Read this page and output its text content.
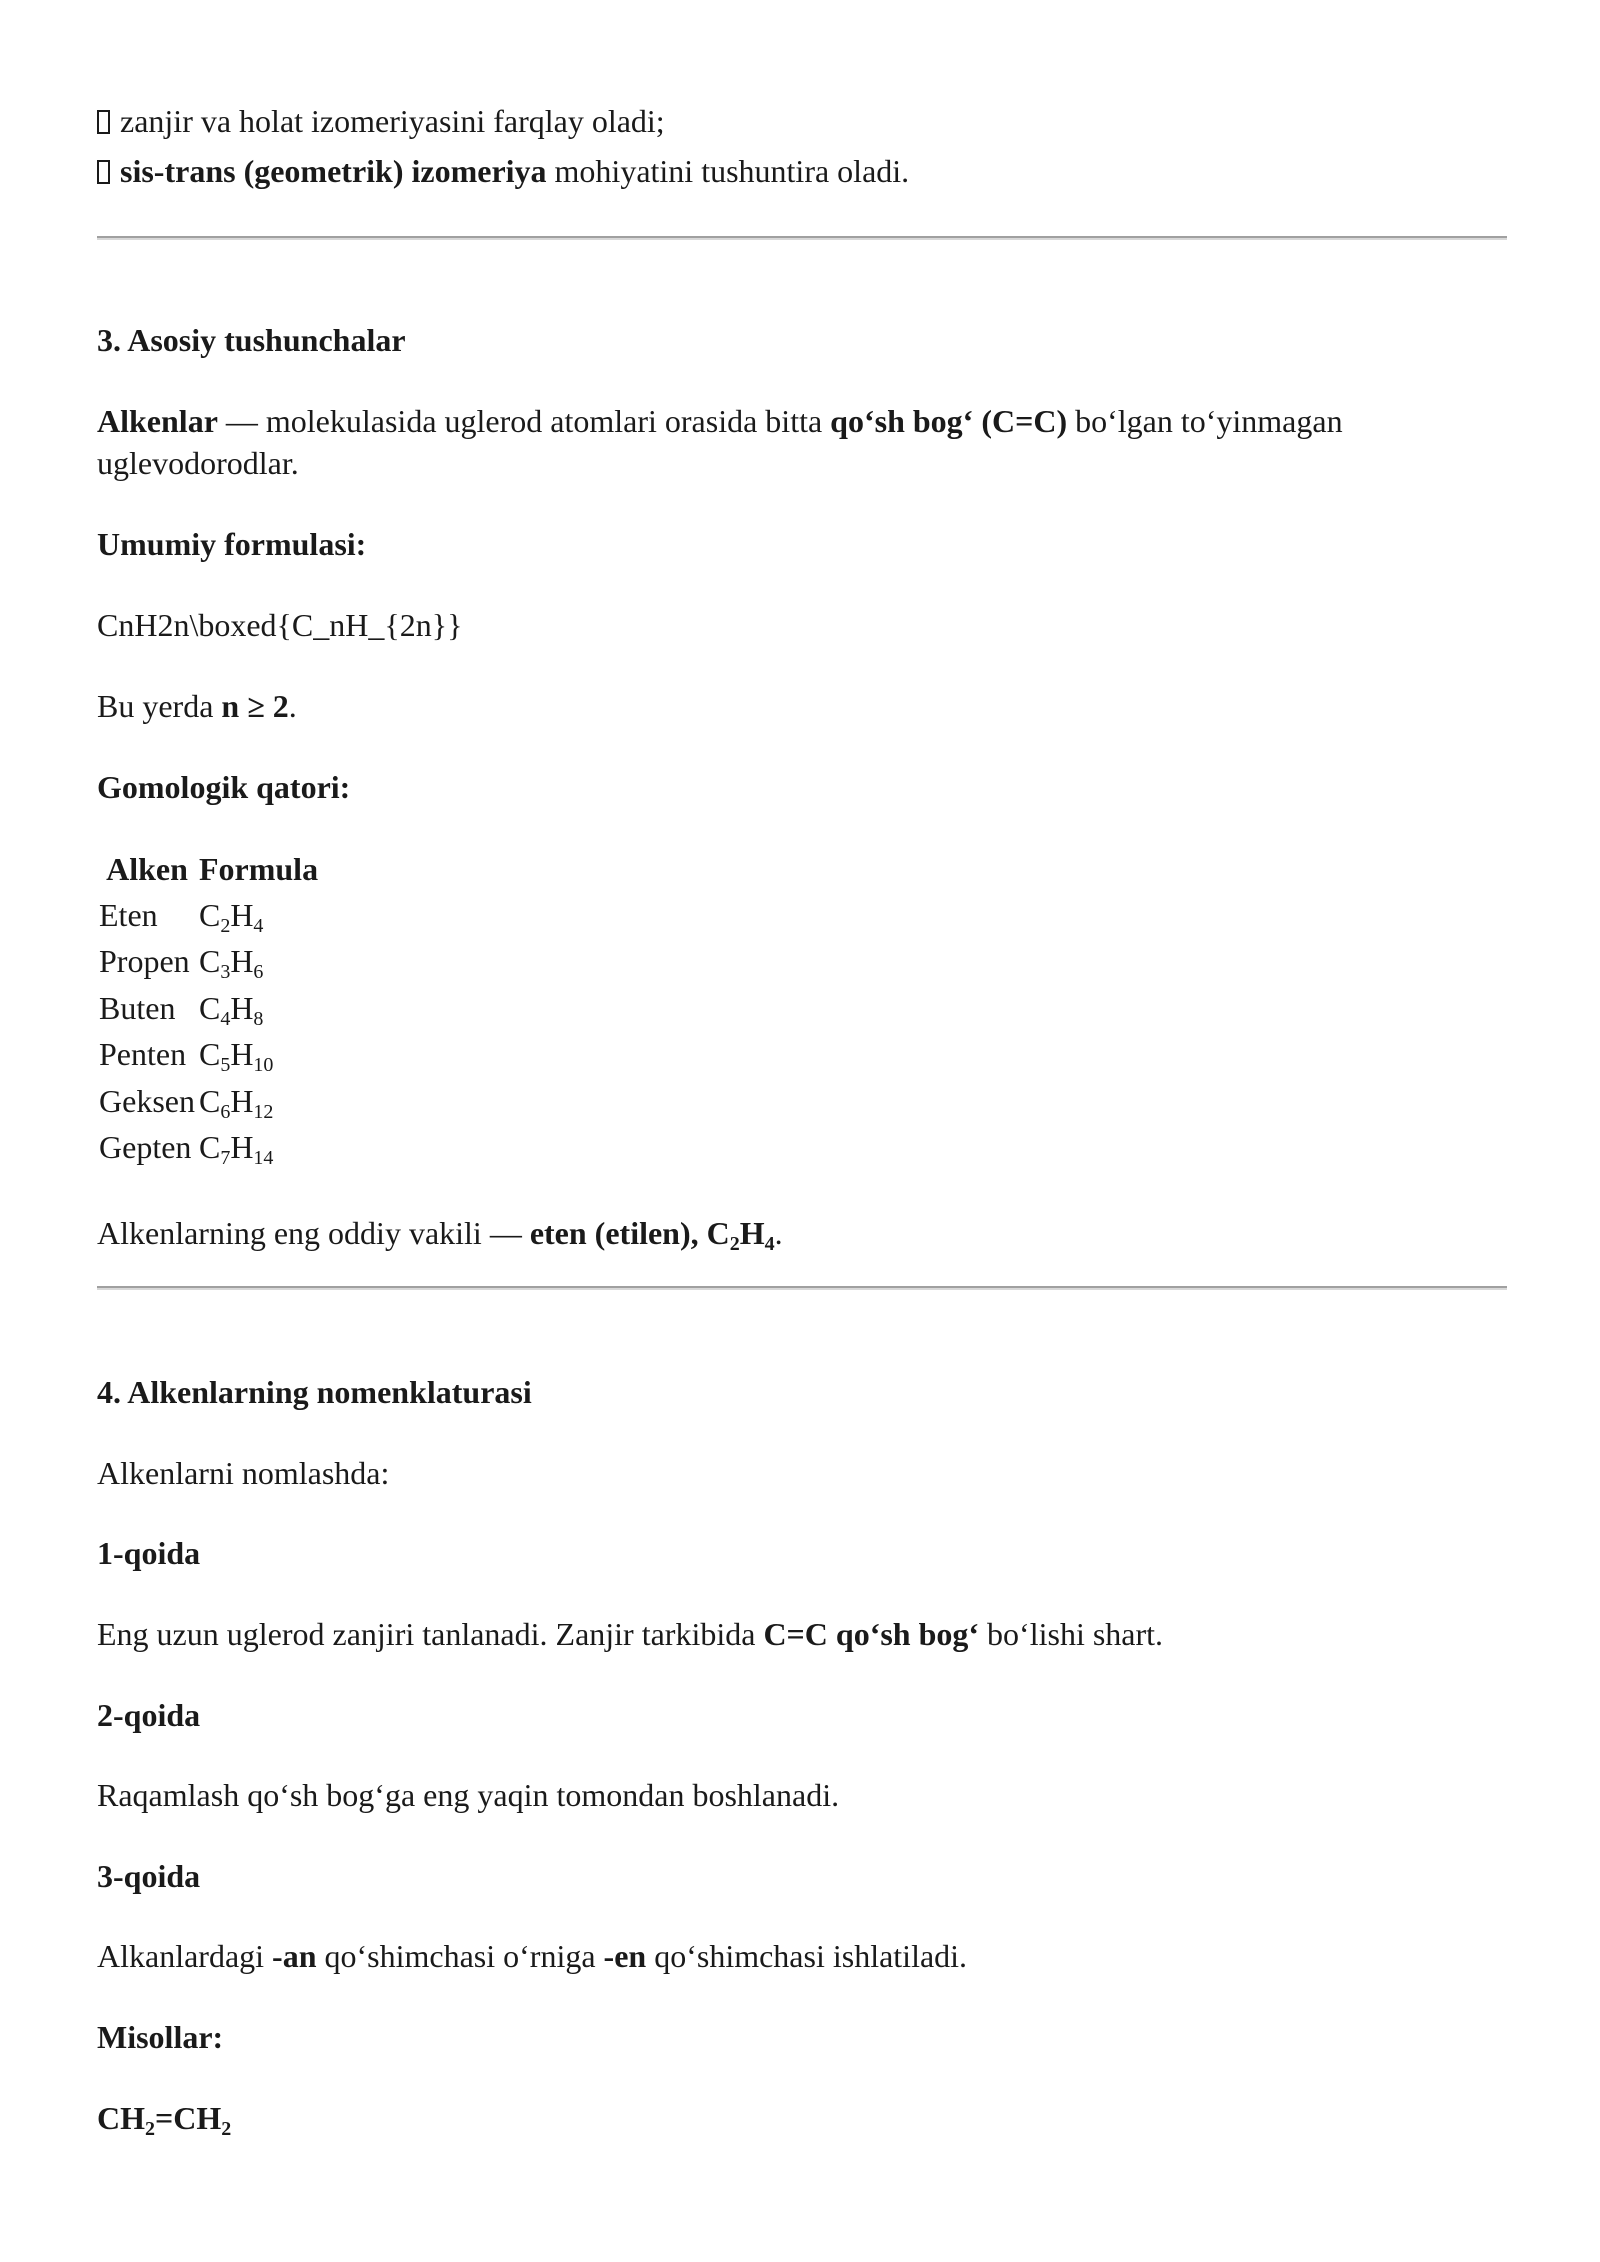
zanjir va holat izomeriyasini farqlay oladi;
sis-trans (geometrik) izomeriya mohiyatini tushuntira oladi.
3. Asosiy tushunchalar
Alkenlar — molekulasida uglerod atomlari orasida bitta qo‘sh bog‘ (C=C) bo‘lgan to‘yinmagan uglevodorodlar.
Umumiy formulasi:
CnH2n\boxed{C_nH_{2n}}
Bu yerda n ≥ 2.
Gomologik qatori:
Alken	Formula
Eten	$C_2H_4$
Propen	$C_3H_6$
Buten	$C_4H_8$
Penten	$C_5H_{10}$
Geksen	$C_6H_{12}$
Gepten	$C_7H_{14}$
Alkenlarning eng oddiy vakili — eten (etilen), $C_2H_4$.
4. Alkenlarning nomenklaturasi
Alkenlarni nomlashda:
1-qoida
Eng uzun uglerod zanjiri tanlanadi. Zanjir tarkibida C=C qo‘sh bog‘ bo‘lishi shart.
2-qoida
Raqamlash qo‘sh bog‘ga eng yaqin tomondan boshlanadi.
3-qoida
Alkanlardagi -an qo‘shimchasi o‘rniga -en qo‘shimchasi ishlatiladi.
Misollar:
$CH_2=CH_2$
